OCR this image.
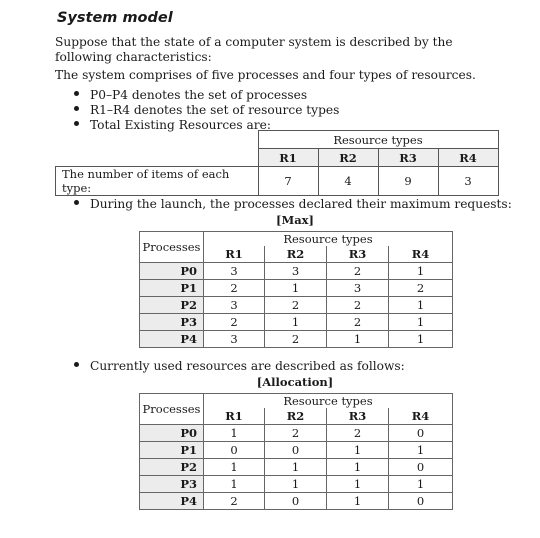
System model
Suppose that the state of a computer system is described by the following characteristics:
The system comprises of five processes and four types of resources.
P0–P4 denotes the set of processes
R1–R4 denotes the set of resource types
Total Existing Resources are:
	Resource types			
	R1	R2	R3	R4
The number of items of each type:	7	4	9	3
During the launch, the processes declared their maximum requests:
[Max]
Processes	Resource types			
	R1	R2	R3	R4
P0	3	3	2	1
P1	2	1	3	2
P2	3	2	2	1
P3	2	1	2	1
P4	3	2	1	1
Currently used resources are described as follows:
[Allocation]
Processes	Resource types			
	R1	R2	R3	R4
P0	1	2	2	0
P1	0	0	1	1
P2	1	1	1	0
P3	1	1	1	1
P4	2	0	1	0
